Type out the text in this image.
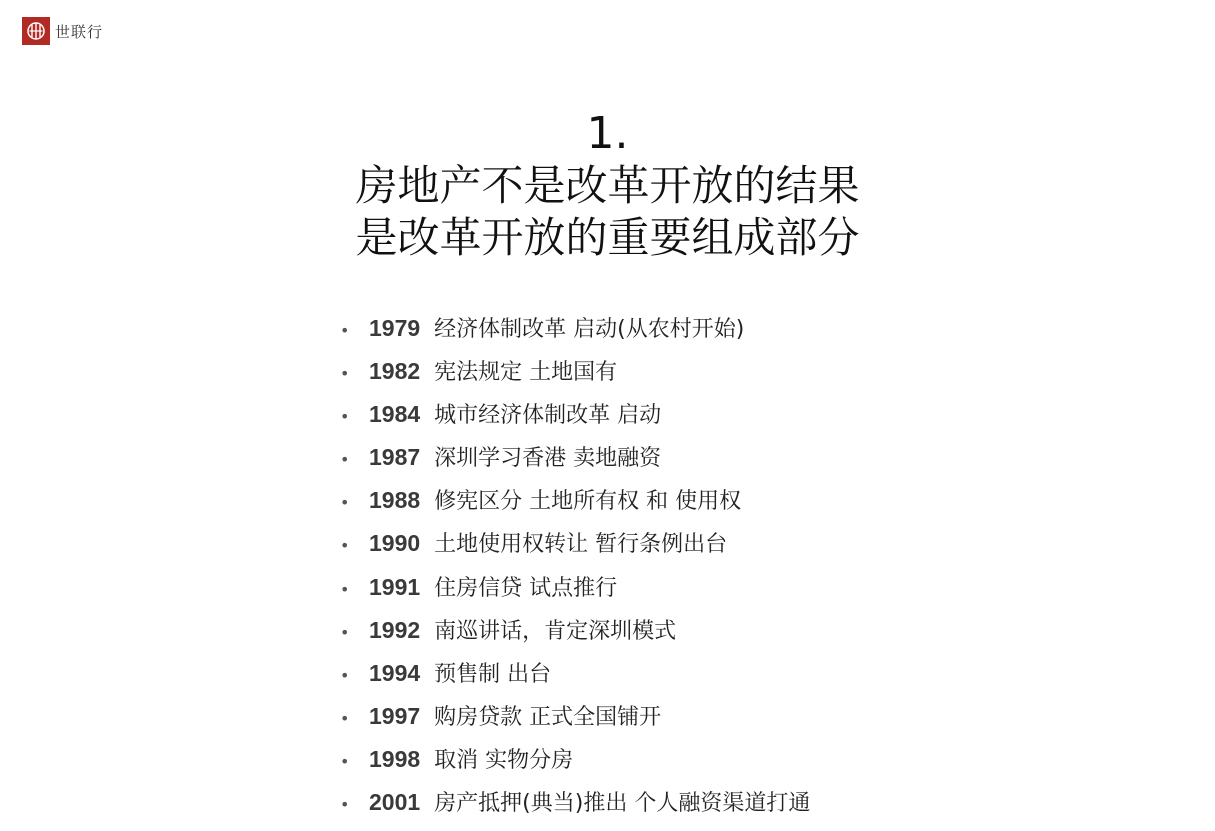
世联行
1.
房地产不是改革开放的结果
是改革开放的重要组成部分
• 1979 经济体制改革 启动(从农村开始)
• 1982 宪法规定 土地国有
• 1984 城市经济体制改革 启动
• 1987 深圳学习香港 卖地融资
• 1988 修宪区分 土地所有权 和 使用权
• 1990 土地使用权转让 暂行条例出台
• 1991 住房信贷 试点推行
• 1992 南巡讲话，肯定深圳模式
• 1994 预售制 出台
• 1997 购房贷款 正式全国铺开
• 1998 取消 实物分房
• 2001 房产抵押(典当)推出 个人融资渠道打通
